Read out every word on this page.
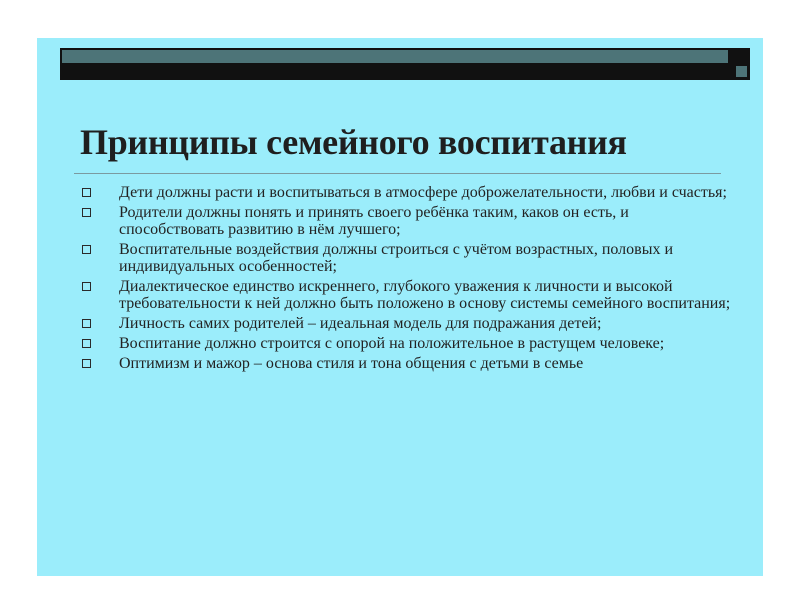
Принципы семейного воспитания
Дети должны расти и воспитываться в атмосфере доброжелательности, любви и счастья;
Родители должны понять и принять своего ребёнка таким, каков он есть, и способствовать развитию в нём лучшего;
Воспитательные воздействия должны строиться с учётом возрастных, половых и индивидуальных особенностей;
Диалектическое единство искреннего, глубокого уважения к личности и высокой требовательности к ней должно быть положено в основу системы семейного воспитания;
Личность самих родителей – идеальная модель для подражания детей;
Воспитание должно строится с опорой на положительное в растущем человеке;
Оптимизм и мажор – основа стиля и тона общения с детьми в семье
